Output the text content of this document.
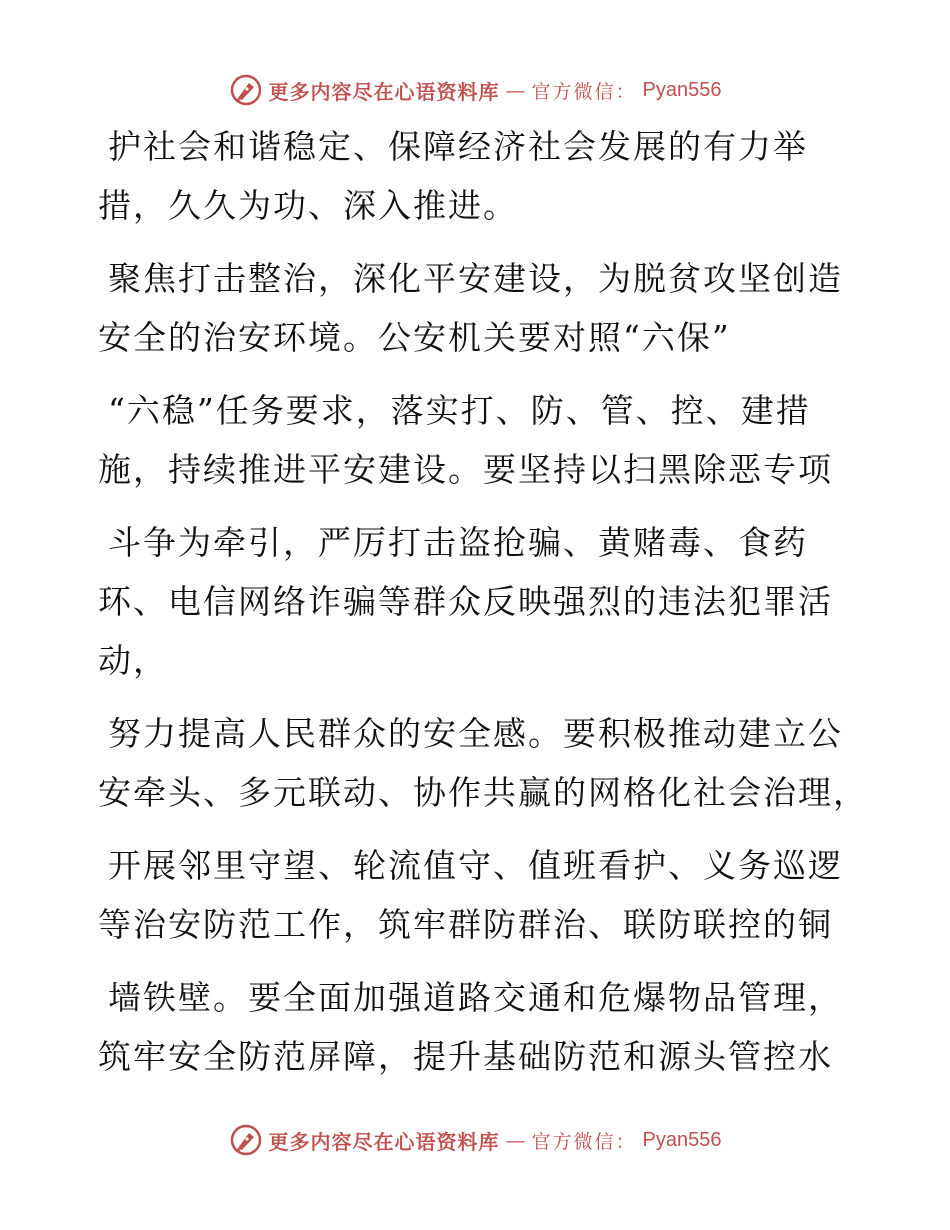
更多内容尽在心语资料库 — 官方微信： Pyan556
护社会和谐稳定、保障经济社会发展的有力举
措，久久为功、深入推进。
聚焦打击整治，深化平安建设，为脱贫攻坚创造
安全的治安环境。公安机关要对照“六保”
“六稳”任务要求，落实打、防、管、控、建措
施，持续推进平安建设。要坚持以扫黑除恶专项
斗争为牵引，严厉打击盗抢骗、黄赌毒、食药
环、电信网络诈骗等群众反映强烈的违法犯罪活
动，
努力提高人民群众的安全感。要积极推动建立公
安牵头、多元联动、协作共赢的网格化社会治理，
开展邻里守望、轮流值守、值班看护、义务巡逻
等治安防范工作，筑牢群防群治、联防联控的铜
墙铁壁。要全面加强道路交通和危爆物品管理，
筑牢安全防范屏障，提升基础防范和源头管控水
更多内容尽在心语资料库 — 官方微信： Pyan556
